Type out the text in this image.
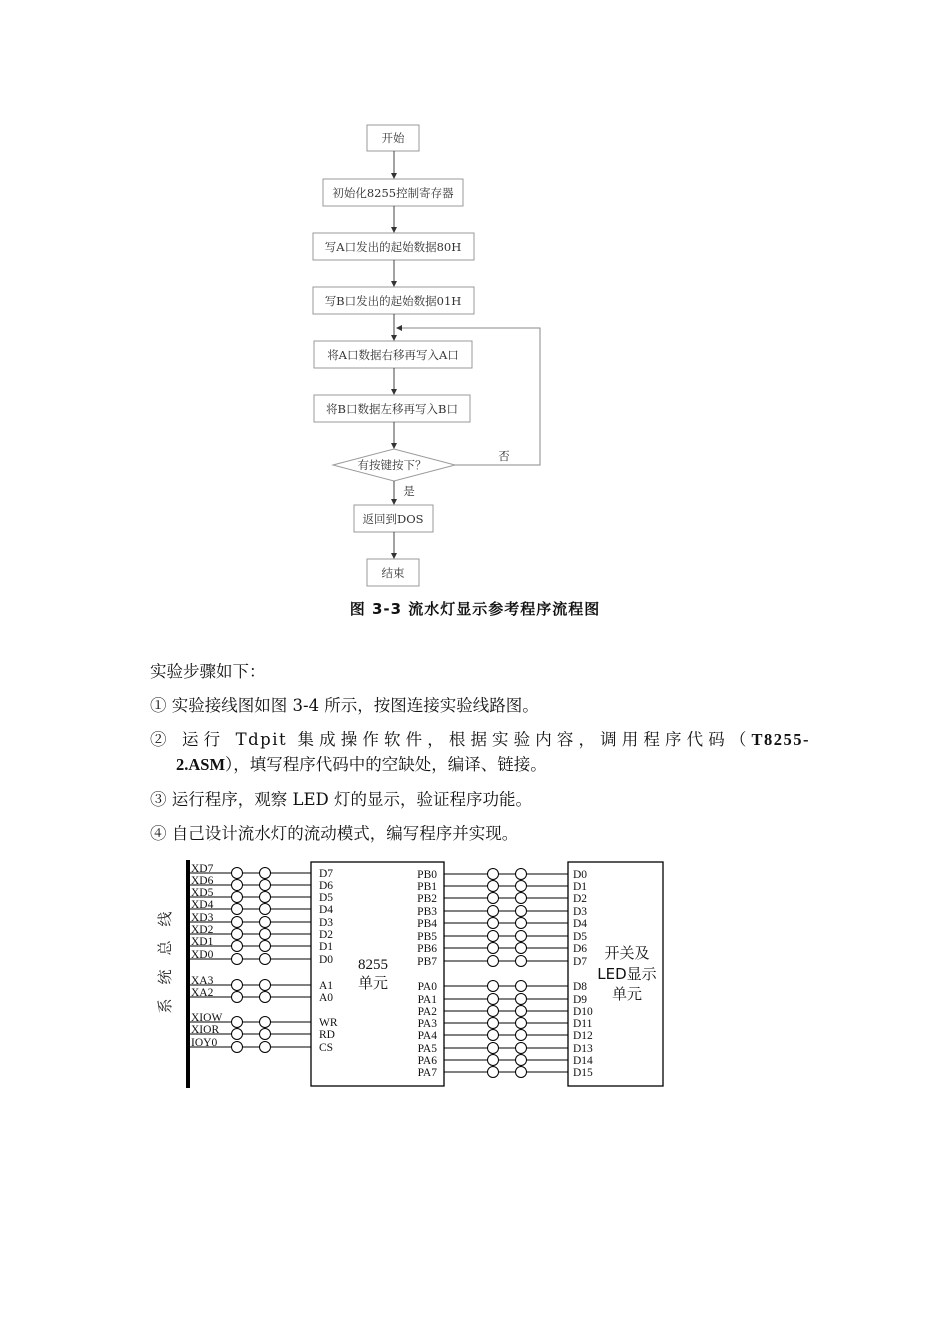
开始
初始化8255控制寄存器
写A口发出的起始数据80H
写B口发出的起始数据01H
将A口数据右移再写入A口
将B口数据左移再写入B口
有按键按下？
返回到DOS
结束
否
是
图 3-3 流水灯显示参考程序流程图
实验步骤如下：
① 实验接线图如图 3-4 所示，按图连接实验线路图。
② 运行 Tdpit 集成操作软件，根据实验内容，调用程序代码（T8255-
2.ASM），填写程序代码中的空缺处，编译、链接。
③ 运行程序，观察 LED 灯的显示，验证程序功能。
④ 自己设计流水灯的流动模式，编写程序并实现。
系
统
总
线
8255
单元
开关及
LED显示
单元
XD7	D7
XD6	D6
XD5	D5
XD4	D4
XD3	D3
XD2	D2
XD1	D1
XD0	D0
XA3	A1
XA2	A0
XIOW	WR
XIOR	RD
IOY0	CS
PB0	D0
PB1	D1
PB2	D2
PB3	D3
PB4	D4
PB5	D5
PB6	D6
PB7	D7
PA0	D8
PA1	D9
PA2	D10
PA3	D11
PA4	D12
PA5	D13
PA6	D14
PA7	D15
